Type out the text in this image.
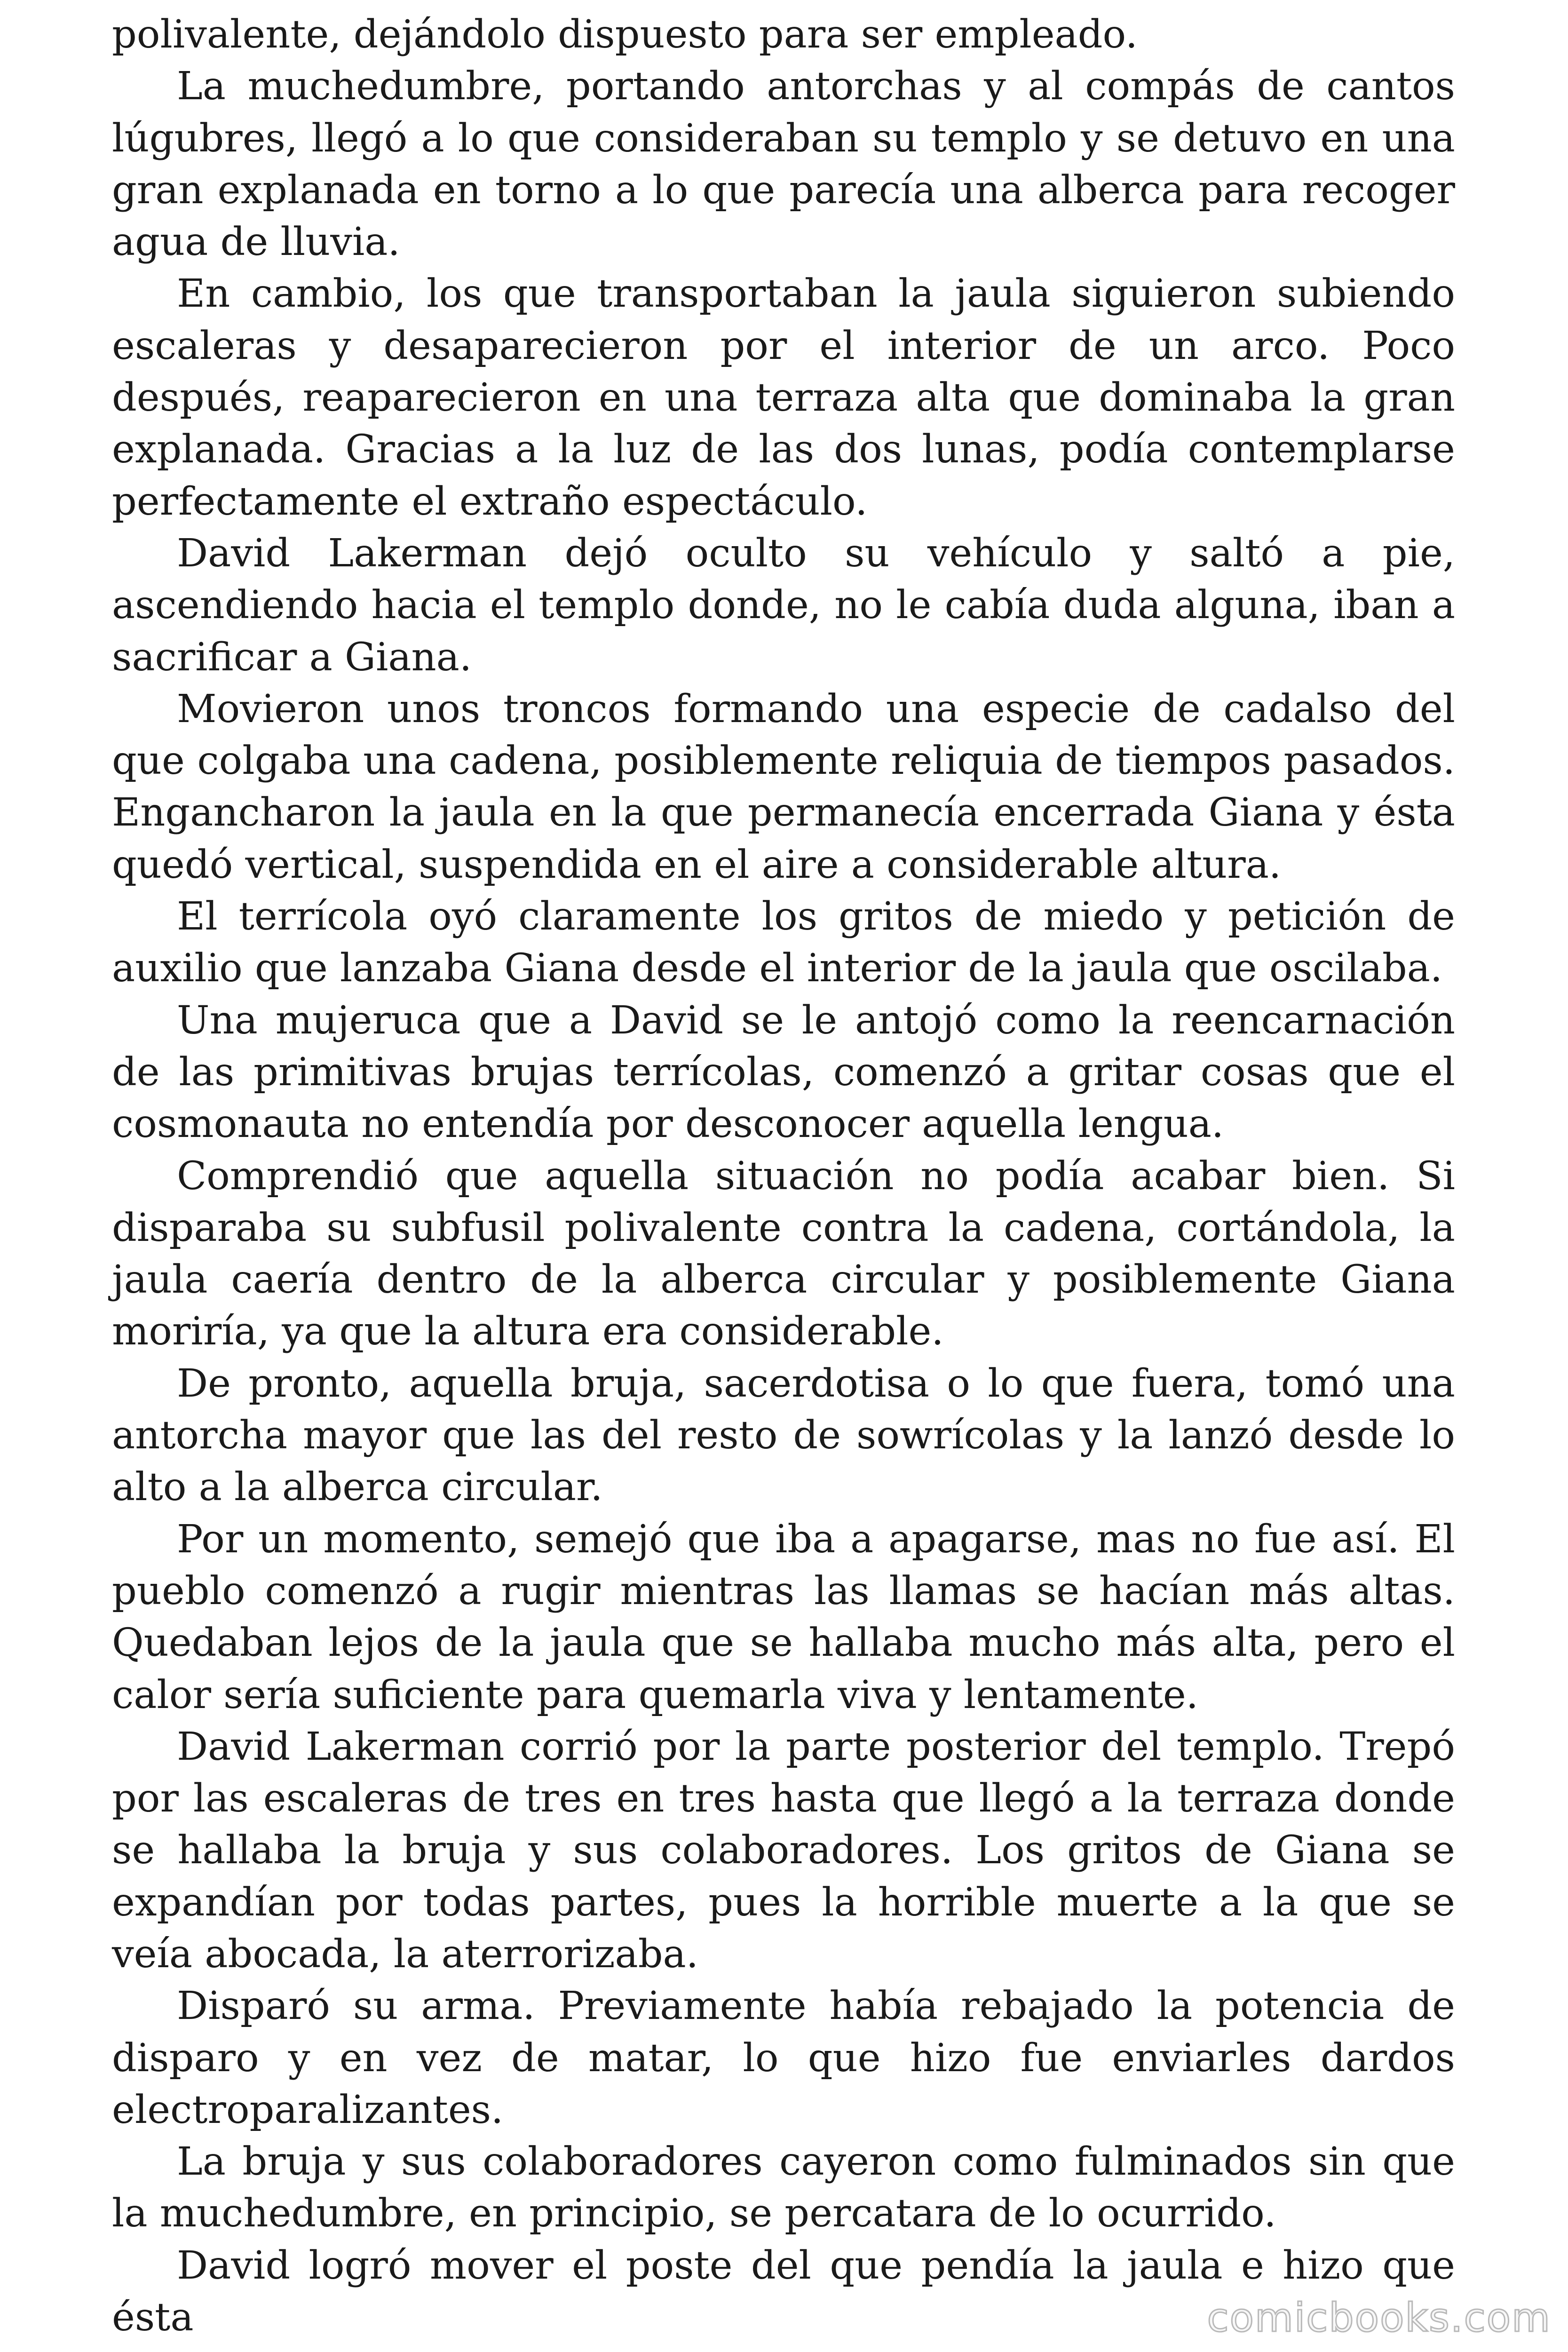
polivalente, dejándolo dispuesto para ser empleado.

La muchedumbre, portando antorchas y al compás de cantos lúgubres, llegó a lo que consideraban su templo y se detuvo en una gran explanada en torno a lo que parecía una alberca para recoger agua de lluvia.

En cambio, los que transportaban la jaula siguieron subiendo escaleras y desaparecieron por el interior de un arco. Poco después, reaparecieron en una terraza alta que dominaba la gran explanada. Gracias a la luz de las dos lunas, podía contemplarse perfectamente el extraño espectáculo.

David Lakerman dejó oculto su vehículo y saltó a pie, ascendiendo hacia el templo donde, no le cabía duda alguna, iban a sacrificar a Giana.

Movieron unos troncos formando una especie de cadalso del que colgaba una cadena, posiblemente reliquia de tiempos pasados. Engancharon la jaula en la que permanecía encerrada Giana y ésta quedó vertical, suspendida en el aire a considerable altura.

El terrícola oyó claramente los gritos de miedo y petición de auxilio que lanzaba Giana desde el interior de la jaula que oscilaba.

Una mujeruca que a David se le antojó como la reencarnación de las primitivas brujas terrícolas, comenzó a gritar cosas que el cosmonauta no entendía por desconocer aquella lengua.

Comprendió que aquella situación no podía acabar bien. Si disparaba su subfusil polivalente contra la cadena, cortándola, la jaula caería dentro de la alberca circular y posiblemente Giana moriría, ya que la altura era considerable.

De pronto, aquella bruja, sacerdotisa o lo que fuera, tomó una antorcha mayor que las del resto de sowrícolas y la lanzó desde lo alto a la alberca circular.

Por un momento, semejó que iba a apagarse, mas no fue así. El pueblo comenzó a rugir mientras las llamas se hacían más altas. Quedaban lejos de la jaula que se hallaba mucho más alta, pero el calor sería suficiente para quemarla viva y lentamente.

David Lakerman corrió por la parte posterior del templo. Trepó por las escaleras de tres en tres hasta que llegó a la terraza donde se hallaba la bruja y sus colaboradores. Los gritos de Giana se expandían por todas partes, pues la horrible muerte a la que se veía abocada, la aterrorizaba.

Disparó su arma. Previamente había rebajado la potencia de disparo y en vez de matar, lo que hizo fue enviarles dardos electroparalizantes.

La bruja y sus colaboradores cayeron como fulminados sin que la muchedumbre, en principio, se percatara de lo ocurrido.

David logró mover el poste del que pendía la jaula e hizo que ésta	comicbooks.com
